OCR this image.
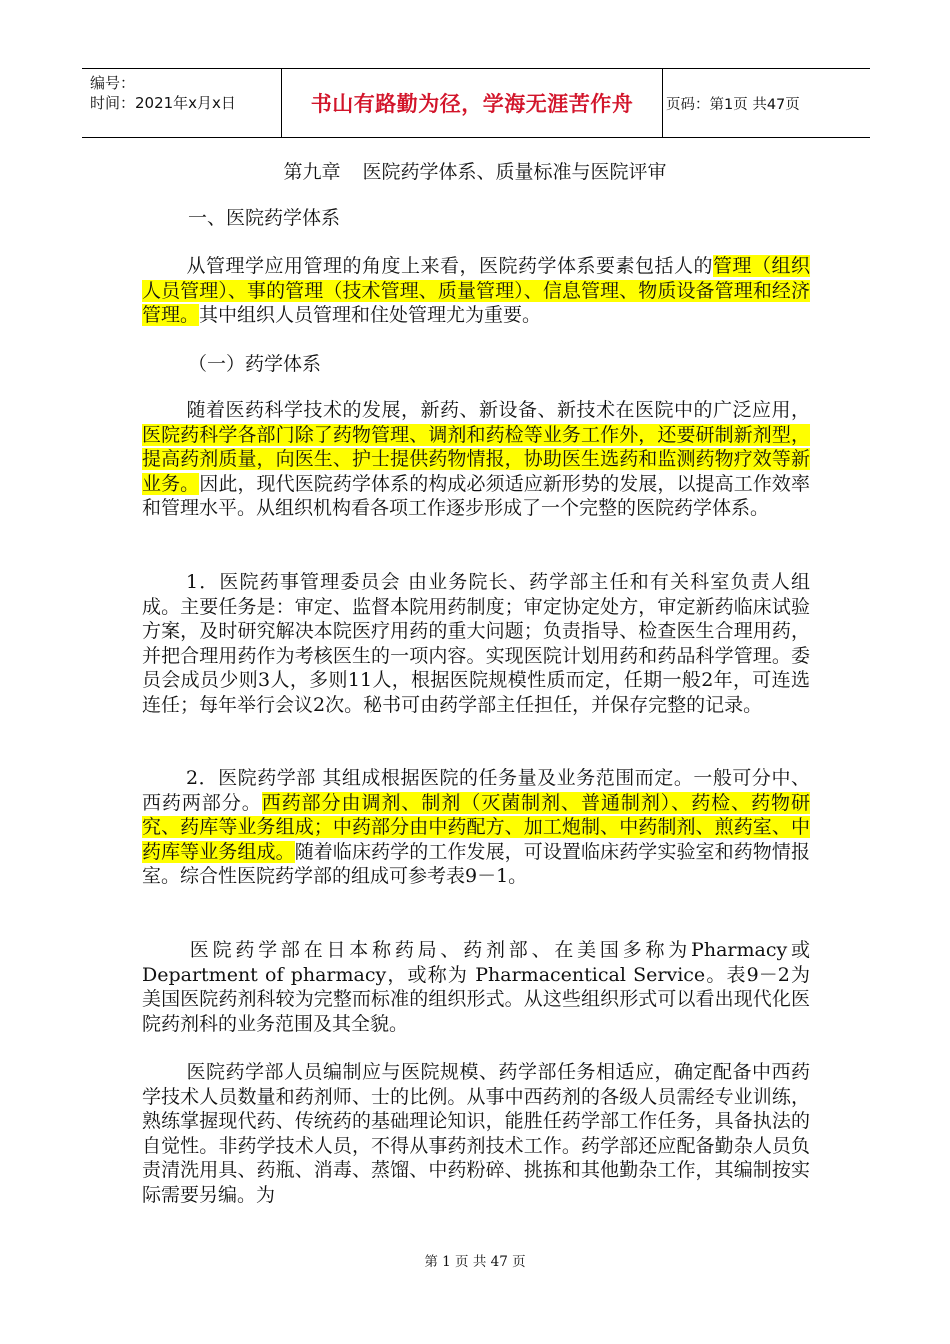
编号：
时间：2021年x月x日	书山有路勤为径，学海无涯苦作舟 页码：第1页 共47页
第九章 医院药学体系、质量标准与医院评审
一、医院药学体系
从管理学应用管理的角度上来看，医院药学体系要素包括人的管理（组织人员管理）、事的管理（技术管理、质量管理）、信息管理、物质设备管理和经济管理。其中组织人员管理和住处管理尤为重要。
（一）药学体系
随着医药科学技术的发展，新药、新设备、新技术在医院中的广泛应用，医院药科学各部门除了药物管理、调剂和药检等业务工作外，还要研制新剂型，提高药剂质量，向医生、护士提供药物情报，协助医生选药和监测药物疗效等新业务。因此，现代医院药学体系的构成必须适应新形势的发展，以提高工作效率和管理水平。从组织机构看各项工作逐步形成了一个完整的医院药学体系。
1．医院药事管理委员会 由业务院长、药学部主任和有关科室负责人组成。主要任务是：审定、监督本院用药制度；审定协定处方，审定新药临床试验方案，及时研究解决本院医疗用药的重大问题；负责指导、检查医生合理用药，并把合理用药作为考核医生的一项内容。实现医院计划用药和药品科学管理。委员会成员少则3人，多则11人，根据医院规模性质而定，任期一般2年，可连选连任；每年举行会议2次。秘书可由药学部主任担任，并保存完整的记录。
2．医院药学部 其组成根据医院的任务量及业务范围而定。一般可分中、西药两部分。西药部分由调剂、制剂（灭菌制剂、普通制剂）、药检、药物研究、药库等业务组成；中药部分由中药配方、加工炮制、中药制剂、煎药室、中药库等业务组成。随着临床药学的工作发展，可设置临床药学实验室和药物情报室。综合性医院药学部的组成可参考表9－1。
医院药学部在日本称药局、药剂部、在美国多称为Pharmacy或Department of pharmacy，或称为 Pharmacentical Service。表9－2为美国医院药剂科较为完整而标准的组织形式。从这些组织形式可以看出现代化医院药剂科的业务范围及其全貌。
医院药学部人员编制应与医院规模、药学部任务相适应，确定配备中西药学技术人员数量和药剂师、士的比例。从事中西药剂的各级人员需经专业训练，熟练掌握现代药、传统药的基础理论知识，能胜任药学部工作任务，具备执法的自觉性。非药学技术人员，不得从事药剂技术工作。药学部还应配备勤杂人员负责清洗用具、药瓶、消毒、蒸馏、中药粉碎、挑拣和其他勤杂工作，其编制按实际需要另编。为
第 1 页 共 47 页
